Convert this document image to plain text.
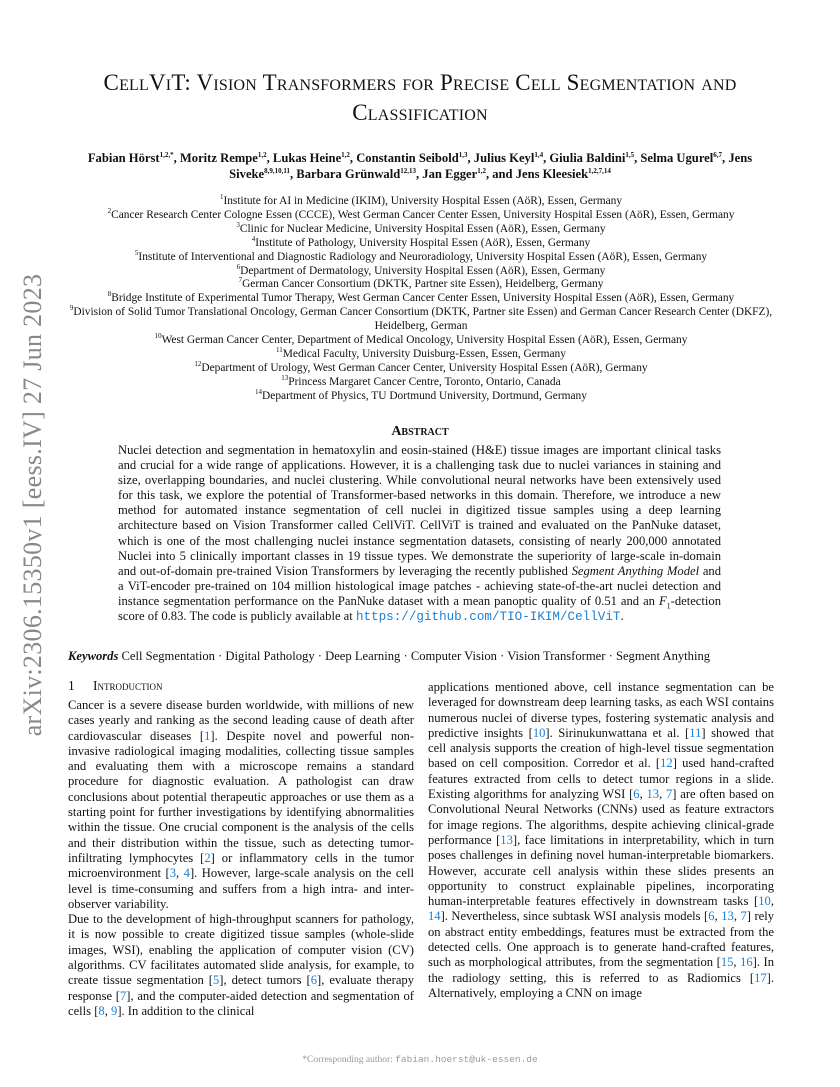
arXiv:2306.15350v1 [eess.IV] 27 Jun 2023
CellViT: Vision Transformers for Precise Cell Segmentation and Classification
Fabian Hörst$^{1,2,*}$, Moritz Rempe$^{1,2}$, Lukas Heine$^{1,2}$, Constantin Seibold$^{1,3}$, Julius Keyl$^{1,4}$, Giulia Baldini$^{1,5}$, Selma Ugurel$^{6,7}$, Jens Siveke$^{8,9,10,11}$, Barbara Grünwald$^{12,13}$, Jan Egger$^{1,2}$, and Jens Kleesiek$^{1,2,7,14}$
$^1$Institute for AI in Medicine (IKIM), University Hospital Essen (AöR), Essen, Germany
$^2$Cancer Research Center Cologne Essen (CCCE), West German Cancer Center Essen, University Hospital Essen (AöR), Essen, Germany
$^3$Clinic for Nuclear Medicine, University Hospital Essen (AöR), Essen, Germany
$^4$Institute of Pathology, University Hospital Essen (AöR), Essen, Germany
$^5$Institute of Interventional and Diagnostic Radiology and Neuroradiology, University Hospital Essen (AöR), Essen, Germany
$^6$Department of Dermatology, University Hospital Essen (AöR), Essen, Germany
$^7$German Cancer Consortium (DKTK, Partner site Essen), Heidelberg, Germany
$^8$Bridge Institute of Experimental Tumor Therapy, West German Cancer Center Essen, University Hospital Essen (AöR), Essen, Germany
$^9$Division of Solid Tumor Translational Oncology, German Cancer Consortium (DKTK, Partner site Essen) and German Cancer Research Center (DKFZ), Heidelberg, German
$^{10}$West German Cancer Center, Department of Medical Oncology, University Hospital Essen (AöR), Essen, Germany
$^{11}$Medical Faculty, University Duisburg-Essen, Essen, Germany
$^{12}$Department of Urology, West German Cancer Center, University Hospital Essen (AöR), Germany
$^{13}$Princess Margaret Cancer Centre, Toronto, Ontario, Canada
$^{14}$Department of Physics, TU Dortmund University, Dortmund, Germany
Abstract
Nuclei detection and segmentation in hematoxylin and eosin-stained (H&E) tissue images are important clinical tasks and crucial for a wide range of applications. However, it is a challenging task due to nuclei variances in staining and size, overlapping boundaries, and nuclei clustering. While convolutional neural networks have been extensively used for this task, we explore the potential of Transformer-based networks in this domain. Therefore, we introduce a new method for automated instance segmentation of cell nuclei in digitized tissue samples using a deep learning architecture based on Vision Transformer called CellViT. CellViT is trained and evaluated on the PanNuke dataset, which is one of the most challenging nuclei instance segmentation datasets, consisting of nearly 200,000 annotated Nuclei into 5 clinically important classes in 19 tissue types. We demonstrate the superiority of large-scale in-domain and out-of-domain pre-trained Vision Transformers by leveraging the recently published Segment Anything Model and a ViT-encoder pre-trained on 104 million histological image patches - achieving state-of-the-art nuclei detection and instance segmentation performance on the PanNuke dataset with a mean panoptic quality of 0.51 and an $F_1$-detection score of 0.83. The code is publicly available at https://github.com/TIO-IKIM/CellViT.
Keywords Cell Segmentation · Digital Pathology · Deep Learning · Computer Vision · Vision Transformer · Segment Anything
1 Introduction

Cancer is a severe disease burden worldwide, with millions of new cases yearly and ranking as the second leading cause of death after cardiovascular diseases [1]. Despite novel and powerful non-invasive radiological imaging modalities, collecting tissue samples and evaluating them with a microscope remains a standard procedure for diagnostic evaluation. A pathologist can draw conclusions about potential therapeutic approaches or use them as a starting point for further investigations by identifying abnormalities within the tissue. One crucial component is the analysis of the cells and their distribution within the tissue, such as detecting tumor-infiltrating lymphocytes [2] or inflammatory cells in the tumor microenvironment [3, 4]. However, large-scale analysis on the cell level is time-consuming and suffers from a high intra- and inter-observer variability.

Due to the development of high-throughput scanners for pathology, it is now possible to create digitized tissue samples (whole-slide images, WSI), enabling the application of computer vision (CV) algorithms. CV facilitates automated slide analysis, for example, to create tissue segmentation [5], detect tumors [6], evaluate therapy response [7], and the computer-aided detection and segmentation of cells [8, 9]. In addition to the clinical

applications mentioned above, cell instance segmentation can be leveraged for downstream deep learning tasks, as each WSI contains numerous nuclei of diverse types, fostering systematic analysis and predictive insights [10]. Sirinukunwattana et al. [11] showed that cell analysis supports the creation of high-level tissue segmentation based on cell composition. Corredor et al. [12] used hand-crafted features extracted from cells to detect tumor regions in a slide. Existing algorithms for analyzing WSI [6, 13, 7] are often based on Convolutional Neural Networks (CNNs) used as feature extractors for image regions. The algorithms, despite achieving clinical-grade performance [13], face limitations in interpretability, which in turn poses challenges in defining novel human-interpretable biomarkers. However, accurate cell analysis within these slides presents an opportunity to construct explainable pipelines, incorporating human-interpretable features effectively in downstream tasks [10, 14]. Nevertheless, since subtask WSI analysis models [6, 13, 7] rely on abstract entity embeddings, features must be extracted from the detected cells. One approach is to generate hand-crafted features, such as morphological attributes, from the segmentation [15, 16]. In the radiology setting, this is referred to as Radiomics [17]. Alternatively, employing a CNN on image

*Corresponding author: fabian.hoerst@uk-essen.de
